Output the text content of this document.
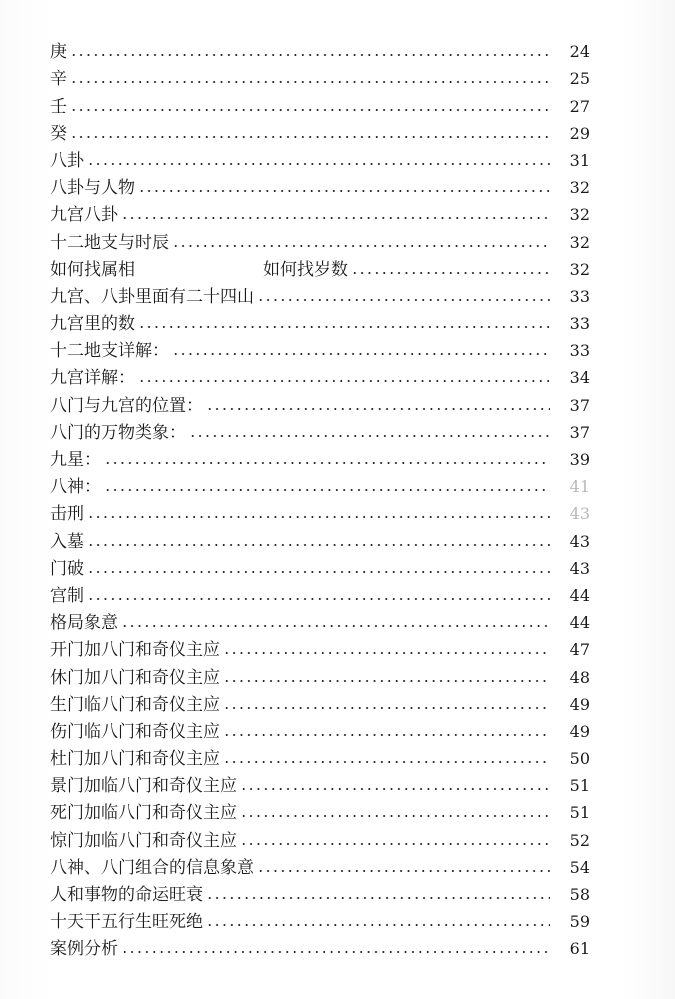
庚	24
辛	25
壬	27
癸	29
八卦	31
八卦与人物	32
九宫八卦	32
十二地支与时辰	32
如何找属相	如何找岁数	32
九宫、八卦里面有二十四山	33
九宫里的数	33
十二地支详解：	33
九宫详解：	34
八门与九宫的位置：	37
八门的万物类象：	37
九星：	39
八神：	41
击刑	43
入墓	43
门破	43
宫制	44
格局象意	44
开门加八门和奇仪主应	47
休门加八门和奇仪主应	48
生门临八门和奇仪主应	49
伤门临八门和奇仪主应	49
杜门加八门和奇仪主应	50
景门加临八门和奇仪主应	51
死门加临八门和奇仪主应	51
惊门加临八门和奇仪主应	52
八神、八门组合的信息象意	54
人和事物的命运旺衰	58
十天干五行生旺死绝	59
案例分析	61
